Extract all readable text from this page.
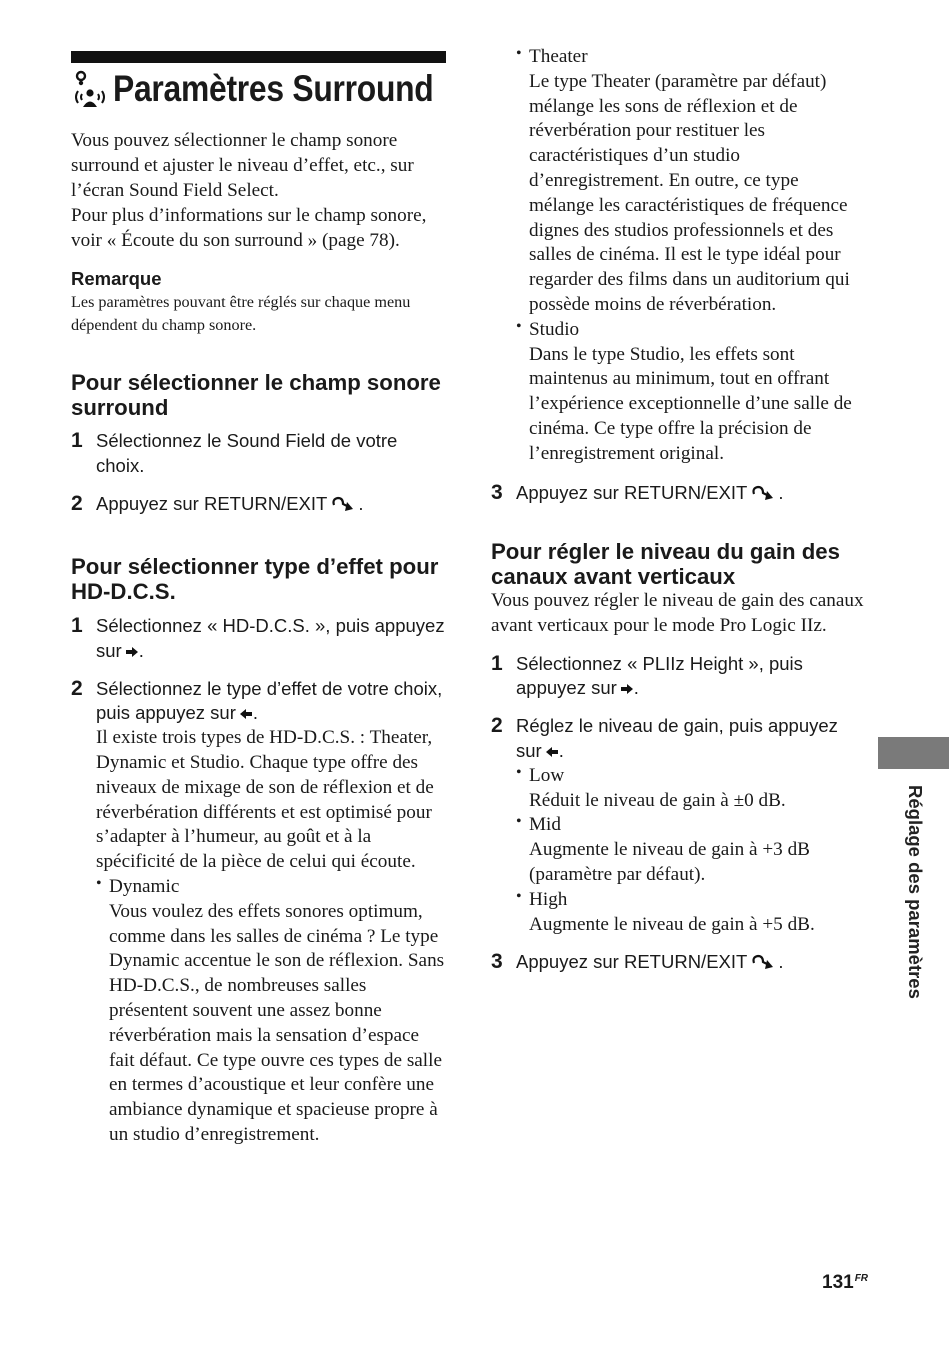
Paramètres Surround

Vous pouvez sélectionner le champ sonore surround et ajuster le niveau d’effet, etc., sur l’écran Sound Field Select.

Pour plus d’informations sur le champ sonore, voir « Écoute du son surround » (page 78).

Remarque

Les paramètres pouvant être réglés sur chaque menu dépendent du champ sonore.

Pour sélectionner le champ sonore surround
1 Sélectionnez le Sound Field de votre choix.
2 Appuyez sur RETURN/EXIT .
Pour sélectionner type d’effet pour HD-D.C.S.
1 Sélectionnez « HD-D.C.S. », puis appuyez sur .
2 Sélectionnez le type d’effet de votre choix, puis appuyez sur .

Il existe trois types de HD-D.C.S. : Theater, Dynamic et Studio. Chaque type offre des niveaux de mixage de son de réflexion et de réverbération différents et est optimisé pour s’adapter à l’humeur, au goût et à la spécificité de la pièce de celui qui écoute.

• Dynamic

Vous voulez des effets sonores optimum, comme dans les salles de cinéma ? Le type Dynamic accentue le son de réflexion. Sans HD-D.C.S., de nombreuses salles présentent souvent une assez bonne réverbération mais la sensation d’espace fait défaut. Ce type ouvre ces types de salle en termes d’acoustique et leur confère une ambiance dynamique et spacieuse propre à un studio d’enregistrement.

• Theater

Le type Theater (paramètre par défaut) mélange les sons de réflexion et de réverbération pour restituer les caractéristiques d’un studio d’enregistrement. En outre, ce type mélange les caractéristiques de fréquence dignes des studios professionnels et des salles de cinéma. Il est le type idéal pour regarder des films dans un auditorium qui possède moins de réverbération.

• Studio

Dans le type Studio, les effets sont maintenus au minimum, tout en offrant l’expérience exceptionnelle d’une salle de cinéma. Ce type offre la précision de l’enregistrement original.

3 Appuyez sur RETURN/EXIT .
Pour régler le niveau du gain des canaux avant verticaux

Vous pouvez régler le niveau de gain des canaux avant verticaux pour le mode Pro Logic IIz.

1 Sélectionnez « PLIIz Height », puis appuyez sur .
2 Réglez le niveau de gain, puis appuyez sur .
• Low

Réduit le niveau de gain à ±0 dB.

• Mid

Augmente le niveau de gain à +3 dB (paramètre par défaut).

• High

Augmente le niveau de gain à +5 dB.

3 Appuyez sur RETURN/EXIT .	Réglage des paramètres
$131^{FR}$
